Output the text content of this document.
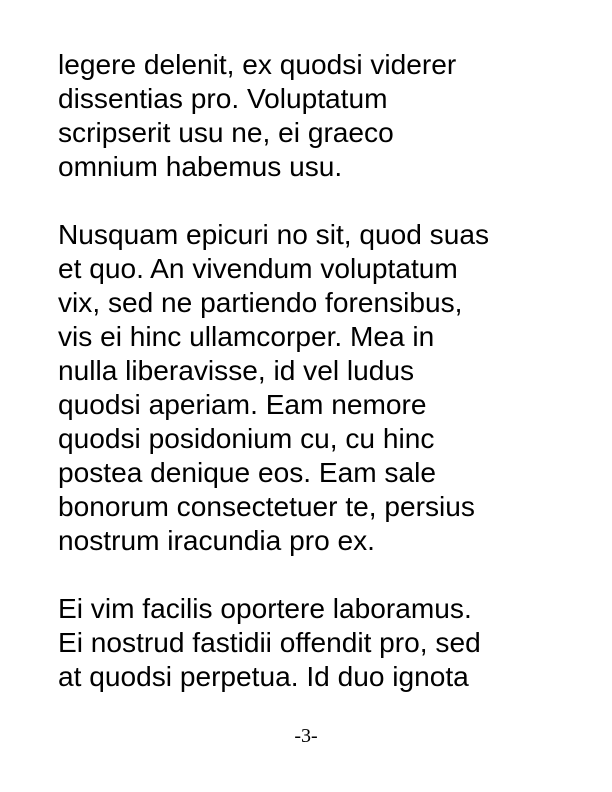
legere delenit, ex quodsi viderer
dissentias pro. Voluptatum
scripserit usu ne, ei graeco
omnium habemus usu.
Nusquam epicuri no sit, quod suas
et quo. An vivendum voluptatum
vix, sed ne partiendo forensibus,
vis ei hinc ullamcorper. Mea in
nulla liberavisse, id vel ludus
quodsi aperiam. Eam nemore
quodsi posidonium cu, cu hinc
postea denique eos. Eam sale
bonorum consectetuer te, persius
nostrum iracundia pro ex.
Ei vim facilis oportere laboramus.
Ei nostrud fastidii offendit pro, sed
at quodsi perpetua. Id duo ignota
-3-
